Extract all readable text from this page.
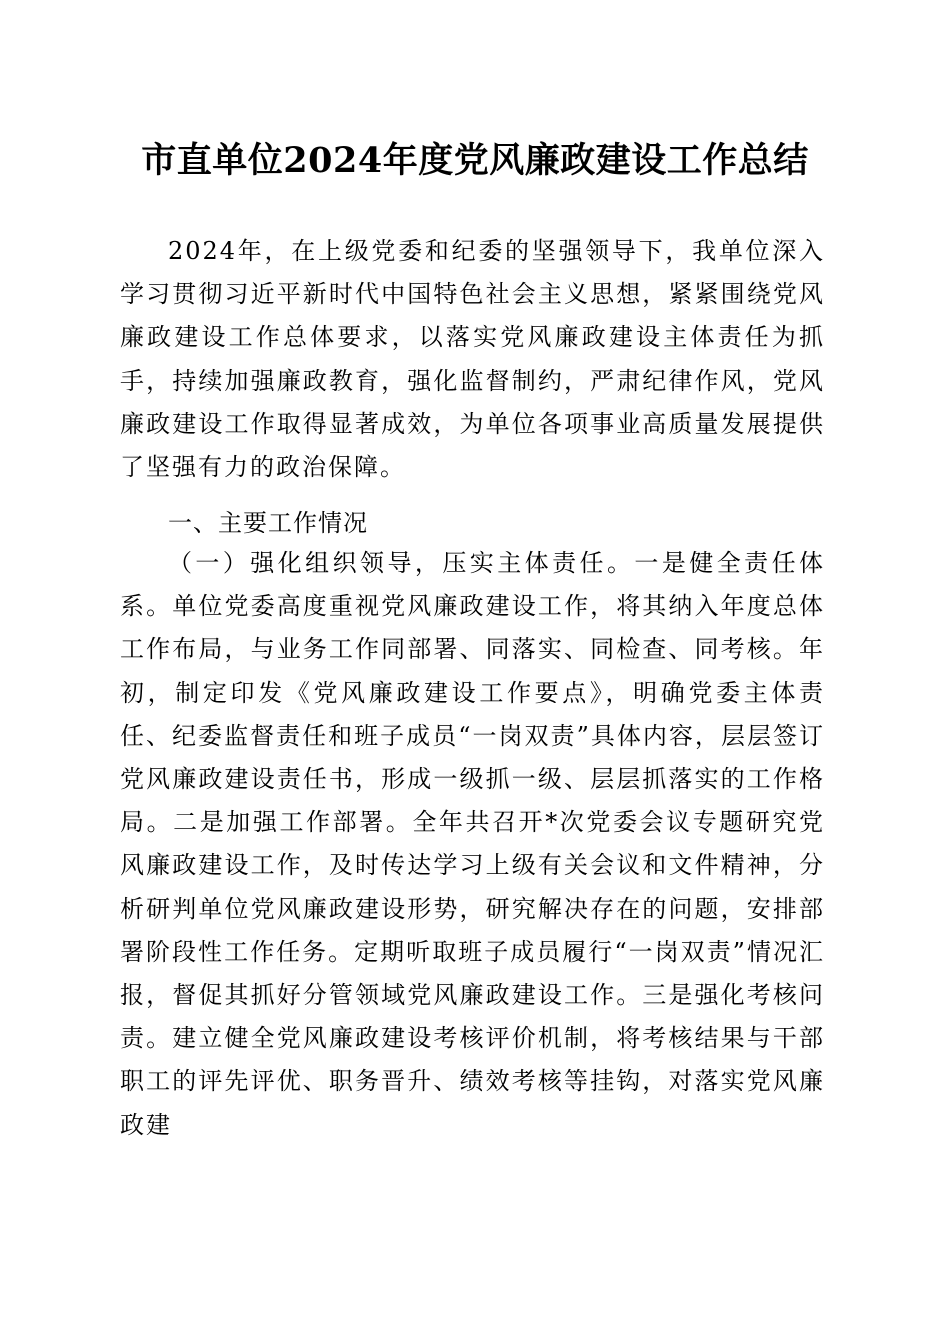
市直单位2024年度党风廉政建设工作总结
2024年，在上级党委和纪委的坚强领导下，我单位深入学习贯彻习近平新时代中国特色社会主义思想，紧紧围绕党风廉政建设工作总体要求，以落实党风廉政建设主体责任为抓手，持续加强廉政教育，强化监督制约，严肃纪律作风，党风廉政建设工作取得显著成效，为单位各项事业高质量发展提供了坚强有力的政治保障。
一、主要工作情况
（一）强化组织领导，压实主体责任。一是健全责任体系。单位党委高度重视党风廉政建设工作，将其纳入年度总体工作布局，与业务工作同部署、同落实、同检查、同考核。年初，制定印发《党风廉政建设工作要点》，明确党委主体责任、纪委监督责任和班子成员“一岗双责”具体内容，层层签订党风廉政建设责任书，形成一级抓一级、层层抓落实的工作格局。二是加强工作部署。全年共召开*次党委会议专题研究党风廉政建设工作，及时传达学习上级有关会议和文件精神，分析研判单位党风廉政建设形势，研究解决存在的问题，安排部署阶段性工作任务。定期听取班子成员履行“一岗双责”情况汇报，督促其抓好分管领域党风廉政建设工作。三是强化考核问责。建立健全党风廉政建设考核评价机制，将考核结果与干部职工的评先评优、职务晋升、绩效考核等挂钩，对落实党风廉政建
